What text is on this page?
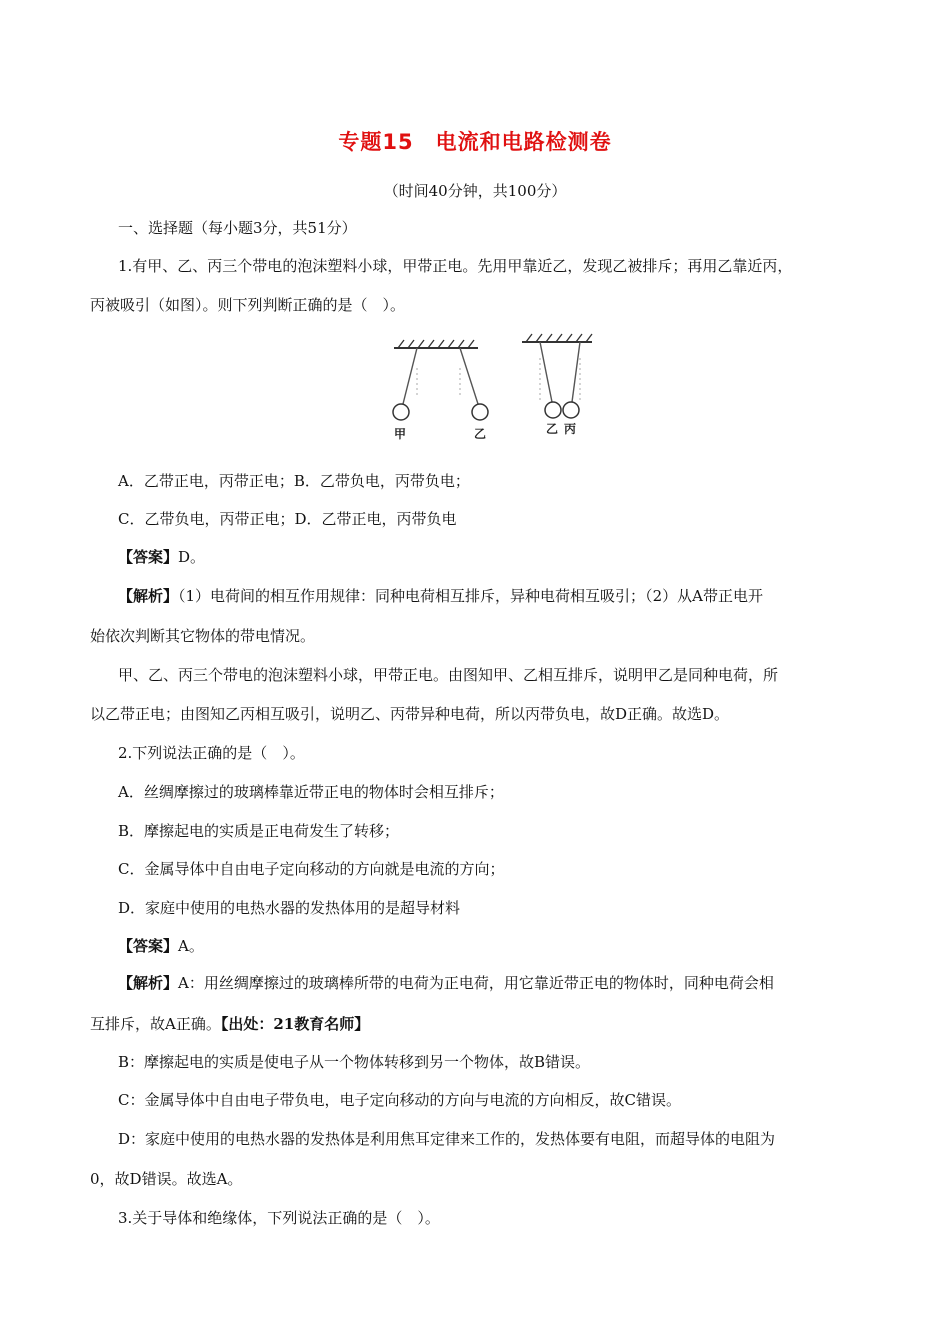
专题15　电流和电路检测卷
（时间40分钟，共100分）
一、选择题（每小题3分，共51分）
1.有甲、乙、丙三个带电的泡沫塑料小球，甲带正电。先用甲靠近乙，发现乙被排斥；再用乙靠近丙，
丙被吸引（如图）。则下列判断正确的是（　）。
甲	乙	乙 丙
A．乙带正电，丙带正电；B．乙带负电，丙带负电；
C．乙带负电，丙带正电；D．乙带正电，丙带负电
【答案】D。
【解析】（1）电荷间的相互作用规律：同种电荷相互排斥，异种电荷相互吸引；（2）从A带正电开
始依次判断其它物体的带电情况。
甲、乙、丙三个带电的泡沫塑料小球，甲带正电。由图知甲、乙相互排斥，说明甲乙是同种电荷，所
以乙带正电；由图知乙丙相互吸引，说明乙、丙带异种电荷，所以丙带负电，故D正确。故选D。
2.下列说法正确的是（　）。
A．丝绸摩擦过的玻璃棒靠近带正电的物体时会相互排斥；
B．摩擦起电的实质是正电荷发生了转移；
C．金属导体中自由电子定向移动的方向就是电流的方向；
D．家庭中使用的电热水器的发热体用的是超导材料
【答案】A。
【解析】A：用丝绸摩擦过的玻璃棒所带的电荷为正电荷，用它靠近带正电的物体时，同种电荷会相
互排斥，故A正确。【出处：21教育名师】
B：摩擦起电的实质是使电子从一个物体转移到另一个物体，故B错误。
C：金属导体中自由电子带负电，电子定向移动的方向与电流的方向相反，故C错误。
D：家庭中使用的电热水器的发热体是利用焦耳定律来工作的，发热体要有电阻，而超导体的电阻为
0，故D错误。故选A。
3.关于导体和绝缘体，下列说法正确的是（　）。
